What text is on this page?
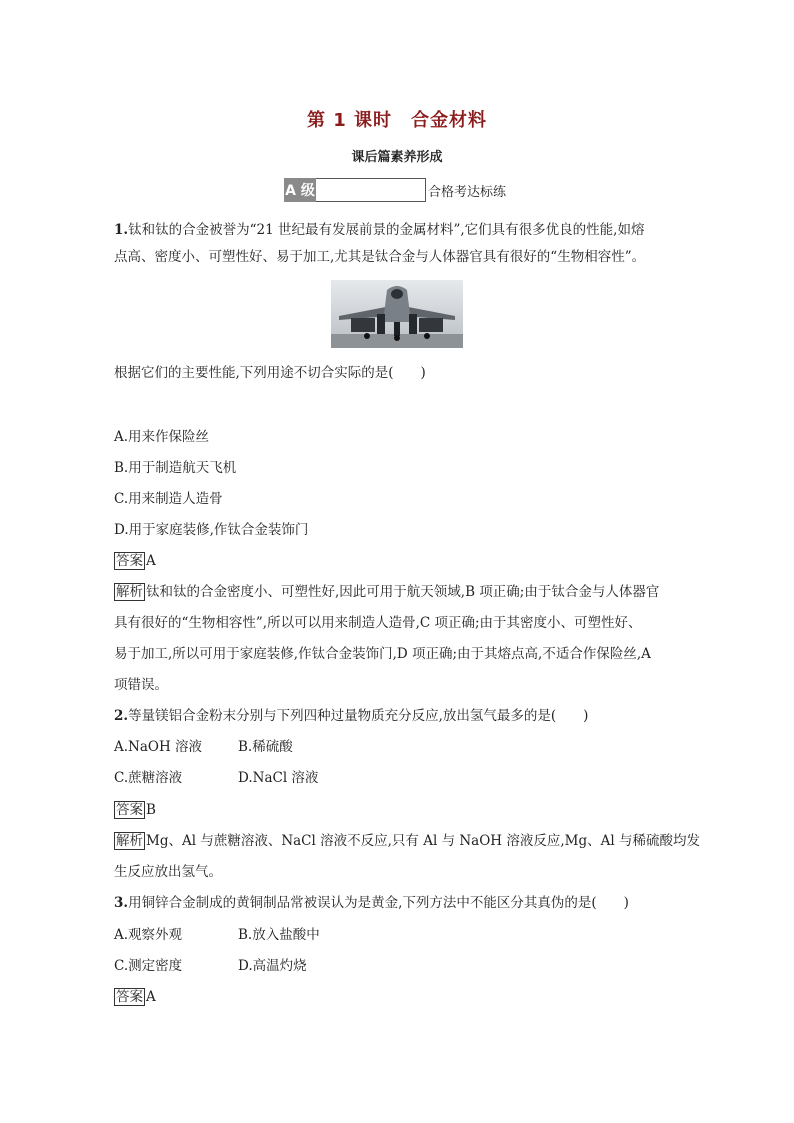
第 1 课时　合金材料
课后篇素养形成
A 级	合格考达标练
1.钛和钛的合金被誉为“21 世纪最有发展前景的金属材料”,它们具有很多优良的性能,如熔
点高、密度小、可塑性好、易于加工,尤其是钛合金与人体器官具有很好的“生物相容性”。
根据它们的主要性能,下列用途不切合实际的是(　　)
A.用来作保险丝
B.用于制造航天飞机
C.用来制造人造骨
D.用于家庭装修,作钛合金装饰门
答案 A
解析 钛和钛的合金密度小、可塑性好,因此可用于航天领域,B 项正确;由于钛合金与人体器官
具有很好的“生物相容性”,所以可以用来制造人造骨,C 项正确;由于其密度小、可塑性好、
易于加工,所以可用于家庭装修,作钛合金装饰门,D 项正确;由于其熔点高,不适合作保险丝,A
项错误。
2.等量镁铝合金粉末分别与下列四种过量物质充分反应,放出氢气最多的是(　　)
A.NaOH 溶液	B.稀硫酸
C.蔗糖溶液	D.NaCl 溶液
答案 B
解析 Mg、Al 与蔗糖溶液、NaCl 溶液不反应,只有 Al 与 NaOH 溶液反应,Mg、Al 与稀硫酸均发
生反应放出氢气。
3.用铜锌合金制成的黄铜制品常被误认为是黄金,下列方法中不能区分其真伪的是(　　)
A.观察外观	B.放入盐酸中
C.测定密度	D.高温灼烧
答案 A
